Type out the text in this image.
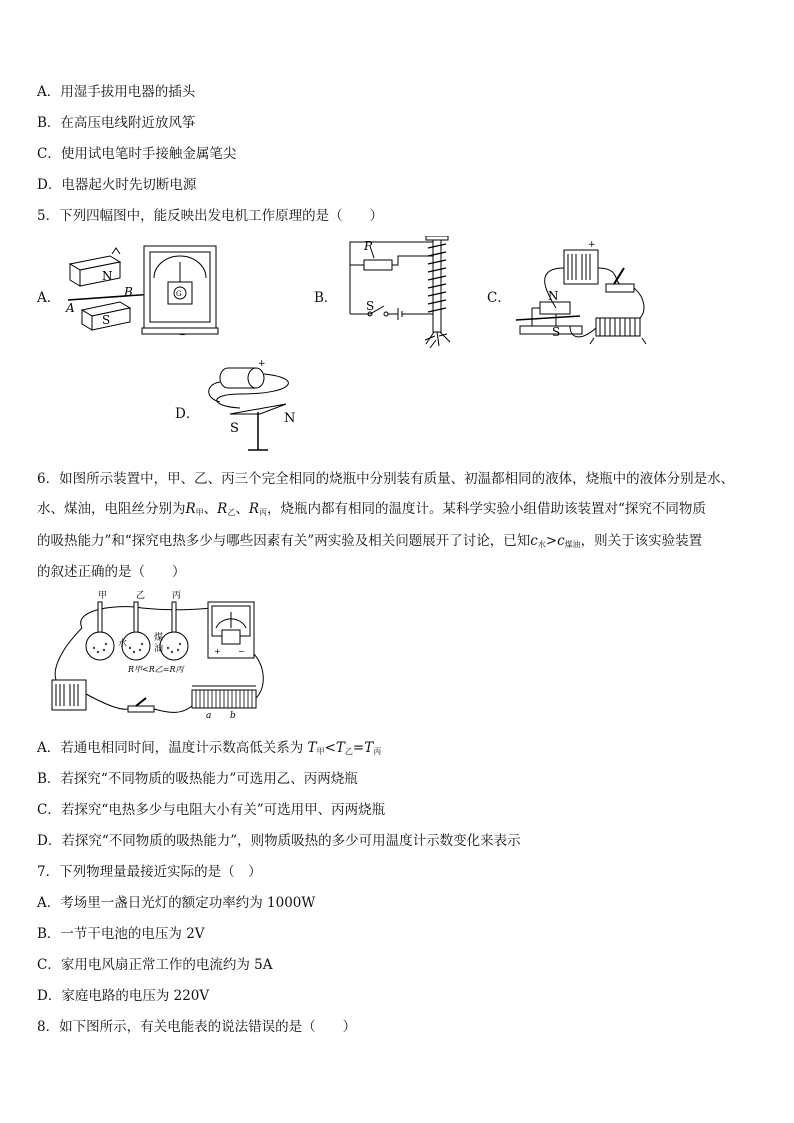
A．用湿手拔用电器的插头
B．在高压电线附近放风筝
C．使用试电笔时手接触金属笔尖
D．电器起火时先切断电源
5．下列四幅图中，能反映出发电机工作原理的是（　　）
A．
N
S
A
B	G	B．
P
S	C．
+
N
S
D．
+
S
N
6．如图所示装置中，甲、乙、丙三个完全相同的烧瓶中分别装有质量、初温都相同的液体，烧瓶中的液体分别是水、
水、煤油，电阻丝分别为$R_甲$、$R_乙$、$R_丙$，烧瓶内都有相同的温度计。某科学实验小组借助该装置对“探究不同物质
的吸热能力”和“探究电热多少与哪些因素有关”两实验及相关问题展开了讨论，已知$c_水>c_{煤油}$，则关于该实验装置
的叙述正确的是（　　）
甲	乙	丙
水
煤
油
R甲<R乙=R丙
+ −
a b
A．若通电相同时间，温度计示数高低关系为 $T_甲<T_乙=T_丙$
B．若探究“不同物质的吸热能力”可选用乙、丙两烧瓶
C．若探究“电热多少与电阻大小有关”可选用甲、丙两烧瓶
D．若探究“不同物质的吸热能力”，则物质吸热的多少可用温度计示数变化来表示
7．下列物理量最接近实际的是（　）
A．考场里一盏日光灯的额定功率约为 1000W
B．一节干电池的电压为 2V
C．家用电风扇正常工作的电流约为 5A
D．家庭电路的电压为 220V
8．如下图所示，有关电能表的说法错误的是（　　）
